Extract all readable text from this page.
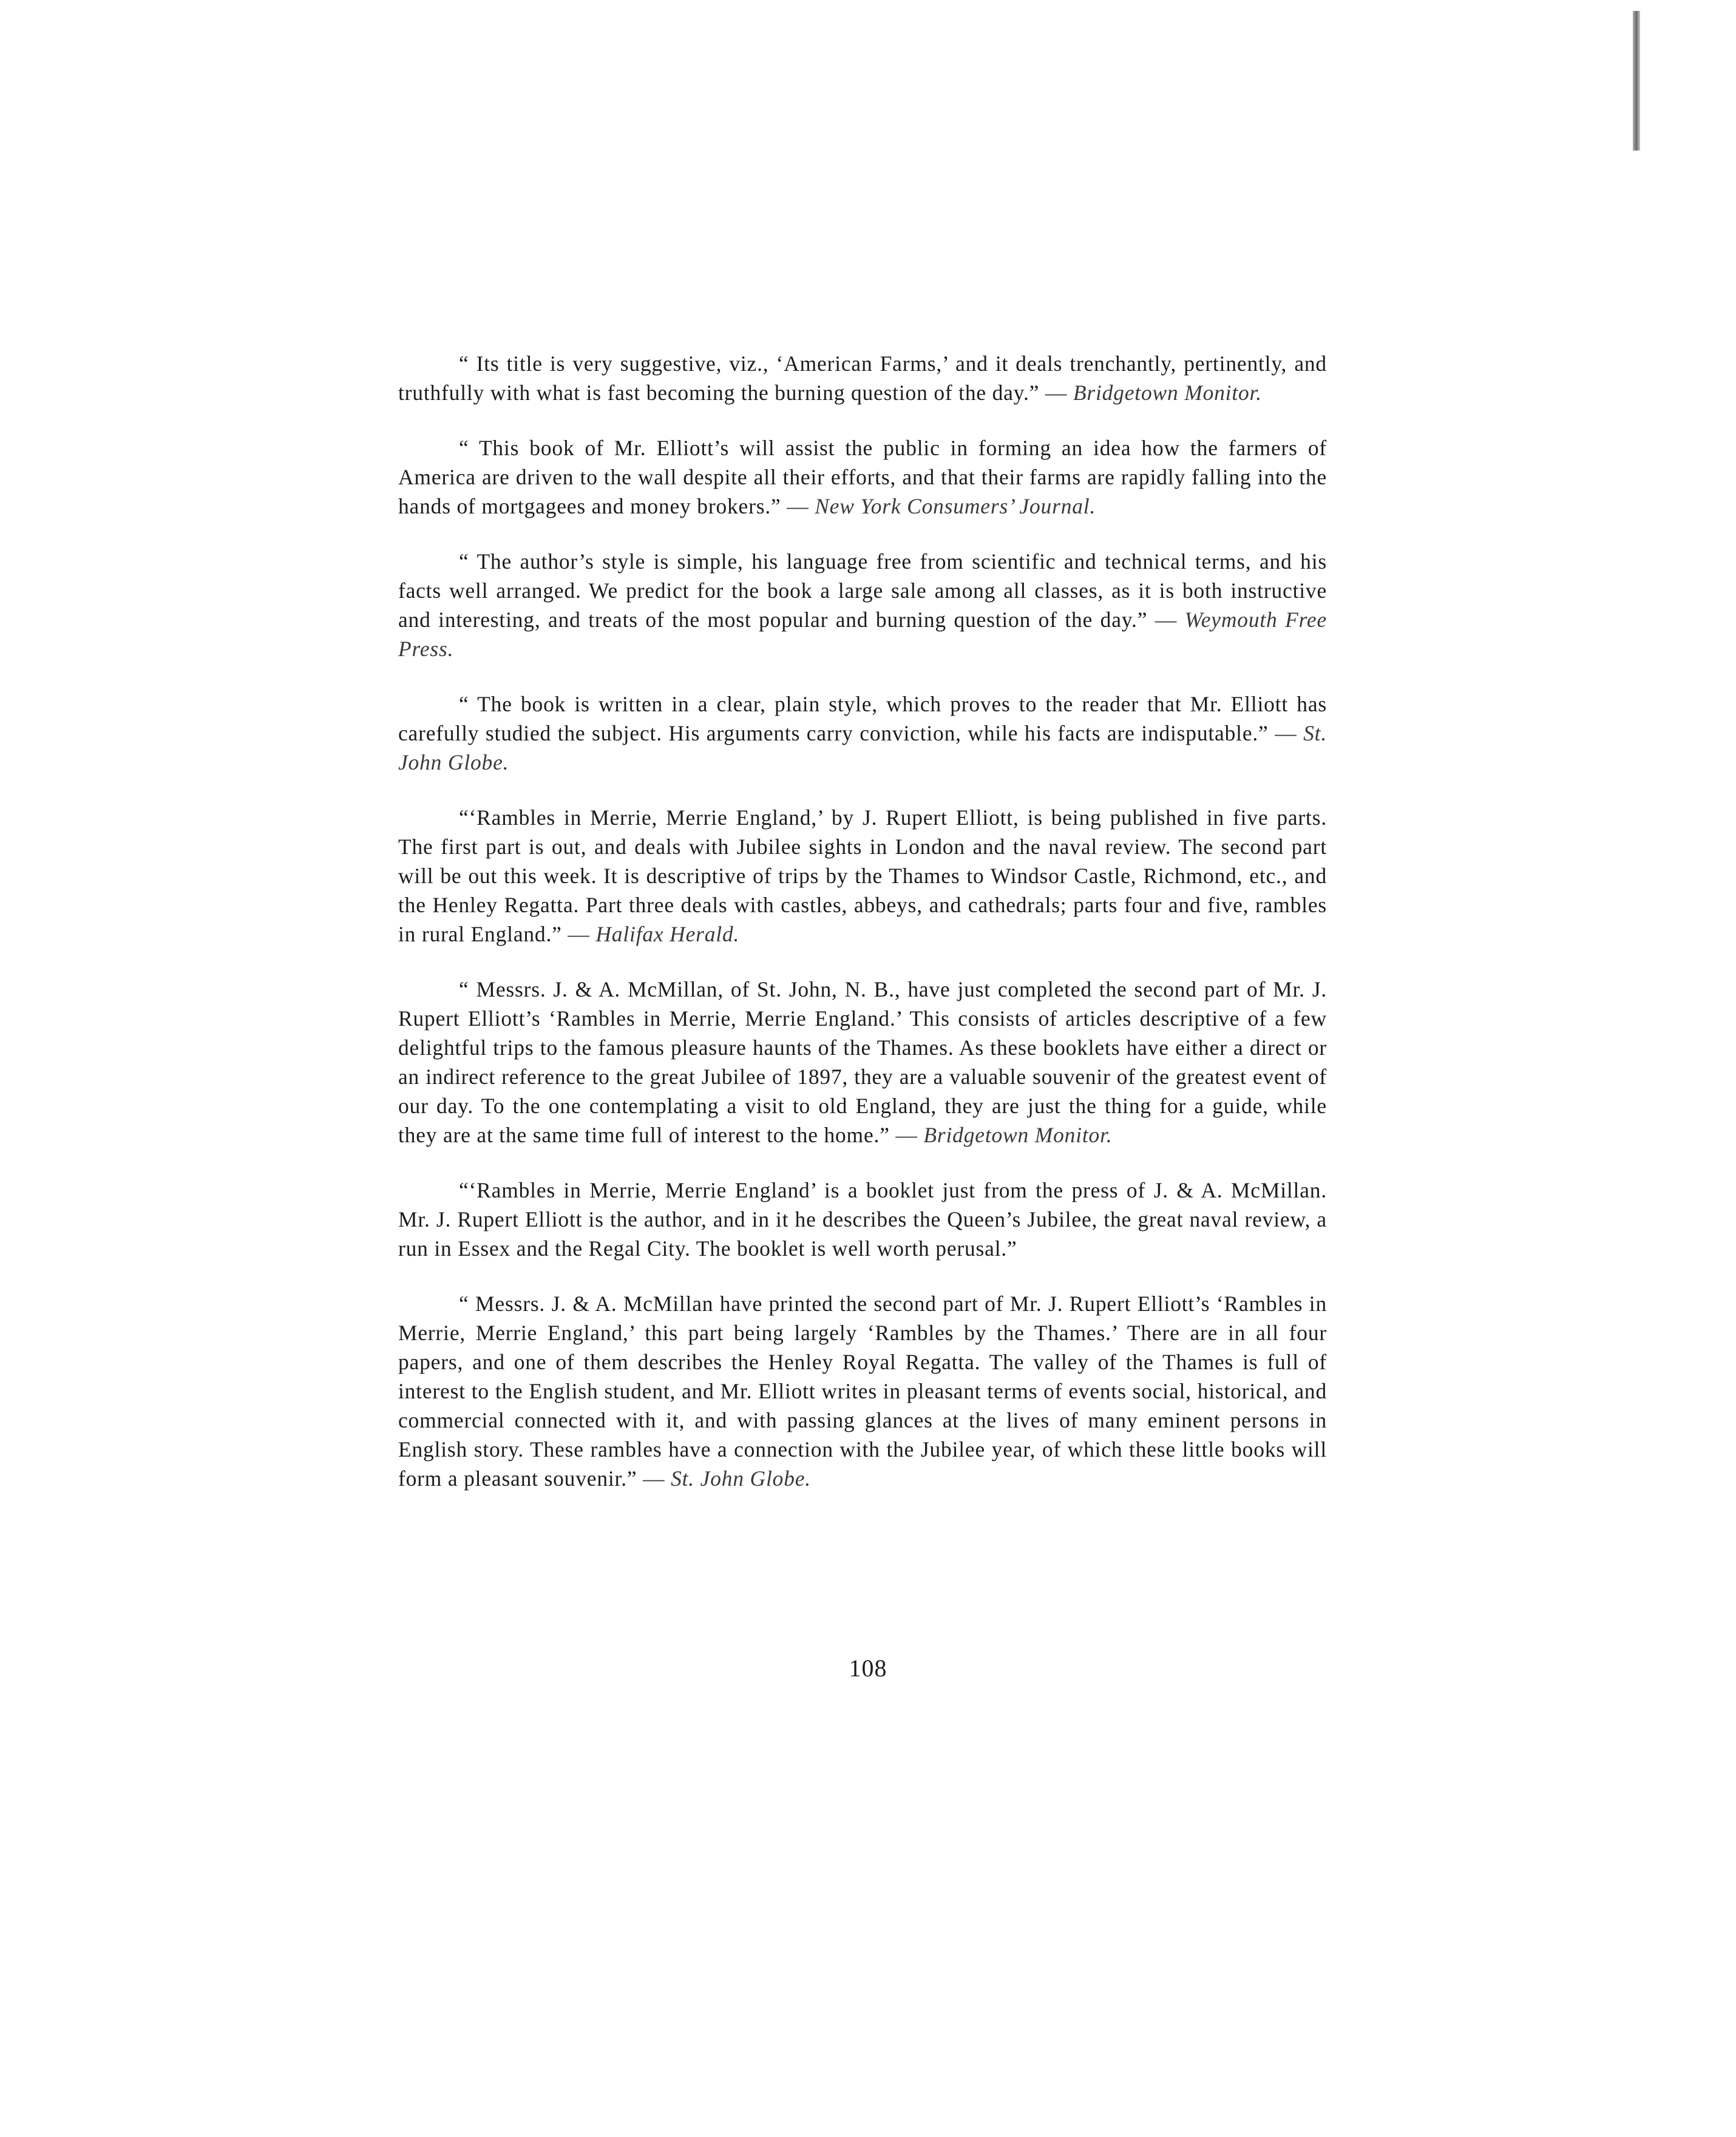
“ Its title is very suggestive, viz., ‘American Farms,’ and it deals trenchantly, pertinently, and truthfully with what is fast becoming the burning question of the day.” — Bridgetown Monitor.

“ This book of Mr. Elliott’s will assist the public in forming an idea how the farmers of America are driven to the wall despite all their efforts, and that their farms are rapidly falling into the hands of mortgagees and money brokers.” — New York Consumers’ Journal.

“ The author’s style is simple, his language free from scientific and technical terms, and his facts well arranged. We predict for the book a large sale among all classes, as it is both instructive and interesting, and treats of the most popular and burning question of the day.” — Weymouth Free Press.

“ The book is written in a clear, plain style, which proves to the reader that Mr. Elliott has carefully studied the subject. His arguments carry conviction, while his facts are indisputable.” — St. John Globe.

“‘Rambles in Merrie, Merrie England,’ by J. Rupert Elliott, is being published in five parts. The first part is out, and deals with Jubilee sights in London and the naval review. The second part will be out this week. It is descriptive of trips by the Thames to Windsor Castle, Richmond, etc., and the Henley Regatta. Part three deals with castles, abbeys, and cathedrals; parts four and five, rambles in rural England.” — Halifax Herald.

“ Messrs. J. & A. McMillan, of St. John, N. B., have just completed the second part of Mr. J. Rupert Elliott’s ‘Rambles in Merrie, Merrie England.’ This consists of articles descriptive of a few delightful trips to the famous pleasure haunts of the Thames. As these booklets have either a direct or an indirect reference to the great Jubilee of 1897, they are a valuable souvenir of the greatest event of our day. To the one contemplating a visit to old England, they are just the thing for a guide, while they are at the same time full of interest to the home.” — Bridgetown Monitor.

“‘Rambles in Merrie, Merrie England’ is a booklet just from the press of J. & A. McMillan. Mr. J. Rupert Elliott is the author, and in it he describes the Queen’s Jubilee, the great naval review, a run in Essex and the Regal City. The booklet is well worth perusal.”

“ Messrs. J. & A. McMillan have printed the second part of Mr. J. Rupert Elliott’s ‘Rambles in Merrie, Merrie England,’ this part being largely ‘Rambles by the Thames.’ There are in all four papers, and one of them describes the Henley Royal Regatta. The valley of the Thames is full of interest to the English student, and Mr. Elliott writes in pleasant terms of events social, historical, and commercial connected with it, and with passing glances at the lives of many eminent persons in English story. These rambles have a connection with the Jubilee year, of which these little books will form a pleasant souvenir.” — St. John Globe.

108
